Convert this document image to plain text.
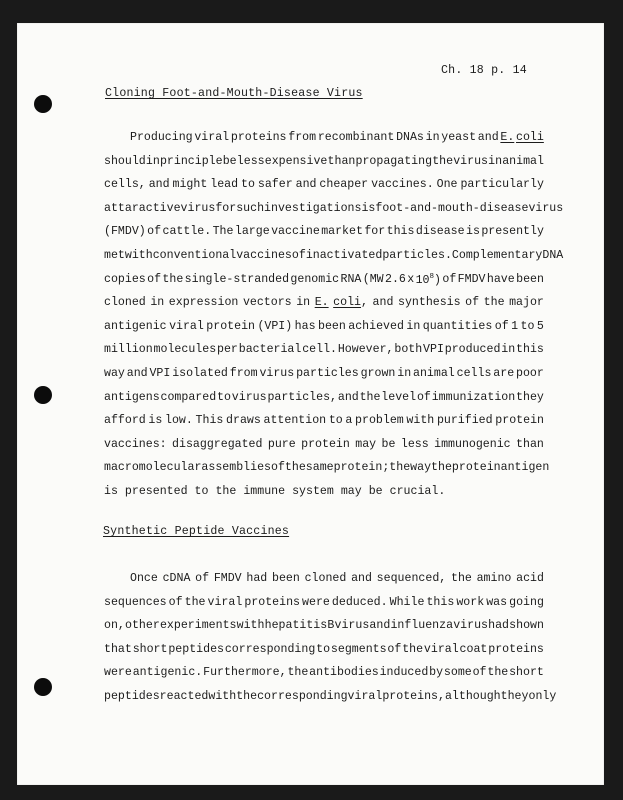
Ch. 18 p. 14
Cloning Foot-and-Mouth-Disease Virus
Producing viral proteins from recombinant DNAs in yeast and E. coli
should in principle be less expensive than propagating the virus in animal
cells, and might lead to safer and cheaper vaccines. One particularly
attaractive virus for such investigations is foot-and-mouth-disease virus
(FMDV) of cattle. The large vaccine market for this disease is presently
met with conventional vaccines of inactivated particles. Complementary DNA
copies of the single-stranded genomic RNA (MW 2.6 x $10^8$) of FMDV have been
cloned in expression vectors in E. coli, and synthesis of the major
antigenic viral protein (VPI) has been achieved in quantities of 1 to 5
million molecules per bacterial cell. However, both VPI produced in this
way and VPI isolated from virus particles grown in animal cells are poor
antigens compared to virus particles, and the level of immunization they
afford is low. This draws attention to a problem with purified protein
vaccines: disaggregated pure protein may be less immunogenic than
macromolecular assemblies of the same protein; the way the protein antigen
is presented to the immune system may be crucial.
Synthetic Peptide Vaccines
Once cDNA of FMDV had been cloned and sequenced, the amino acid
sequences of the viral proteins were deduced. While this work was going
on, other experiments with hepatitis B virus and influenza virus had shown
that short peptides corresponding to segments of the viral coat proteins
were antigenic. Furthermore, the antibodies induced by some of the short
peptides reacted with the corresponding viral proteins, although they only
